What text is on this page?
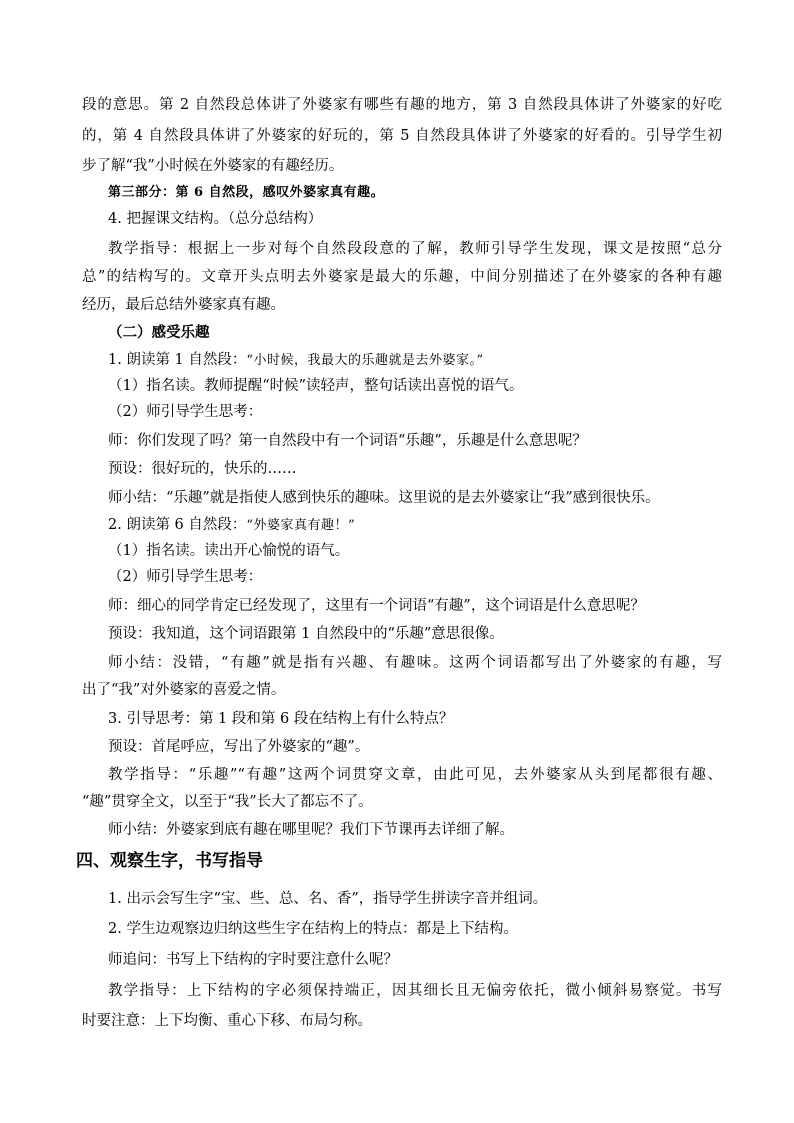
段的意思。第 2 自然段总体讲了外婆家有哪些有趣的地方，第 3 自然段具体讲了外婆家的好吃
的，第 4 自然段具体讲了外婆家的好玩的，第 5 自然段具体讲了外婆家的好看的。引导学生初
步了解“我”小时候在外婆家的有趣经历。
第三部分：第 6 自然段，感叹外婆家真有趣。
4. 把握课文结构。（总分总结构）
教学指导：根据上一步对每个自然段段意的了解，教师引导学生发现，课文是按照“总分
总”的结构写的。文章开头点明去外婆家是最大的乐趣，中间分别描述了在外婆家的各种有趣
经历，最后总结外婆家真有趣。
（二）感受乐趣
1. 朗读第 1 自然段：“小时候，我最大的乐趣就是去外婆家。”
（1）指名读。教师提醒“时候”读轻声，整句话读出喜悦的语气。
（2）师引导学生思考：
师：你们发现了吗？第一自然段中有一个词语“乐趣”，乐趣是什么意思呢？
预设：很好玩的，快乐的……
师小结：“乐趣”就是指使人感到快乐的趣味。这里说的是去外婆家让“我”感到很快乐。
2. 朗读第 6 自然段：“外婆家真有趣！”
（1）指名读。读出开心愉悦的语气。
（2）师引导学生思考：
师：细心的同学肯定已经发现了，这里有一个词语“有趣”，这个词语是什么意思呢？
预设：我知道，这个词语跟第 1 自然段中的“乐趣”意思很像。
师小结：没错，“有趣”就是指有兴趣、有趣味。这两个词语都写出了外婆家的有趣，写
出了“我”对外婆家的喜爱之情。
3. 引导思考：第 1 段和第 6 段在结构上有什么特点？
预设：首尾呼应，写出了外婆家的“趣”。
教学指导：“乐趣”“有趣”这两个词贯穿文章，由此可见，去外婆家从头到尾都很有趣、
“趣”贯穿全文，以至于“我”长大了都忘不了。
师小结：外婆家到底有趣在哪里呢？我们下节课再去详细了解。
四、观察生字，书写指导
1. 出示会写生字“宝、些、总、名、香”，指导学生拼读字音并组词。
2. 学生边观察边归纳这些生字在结构上的特点：都是上下结构。
师追问：书写上下结构的字时要注意什么呢？
教学指导：上下结构的字必须保持端正，因其细长且无偏旁依托，微小倾斜易察觉。书写
时要注意：上下均衡、重心下移、布局匀称。
